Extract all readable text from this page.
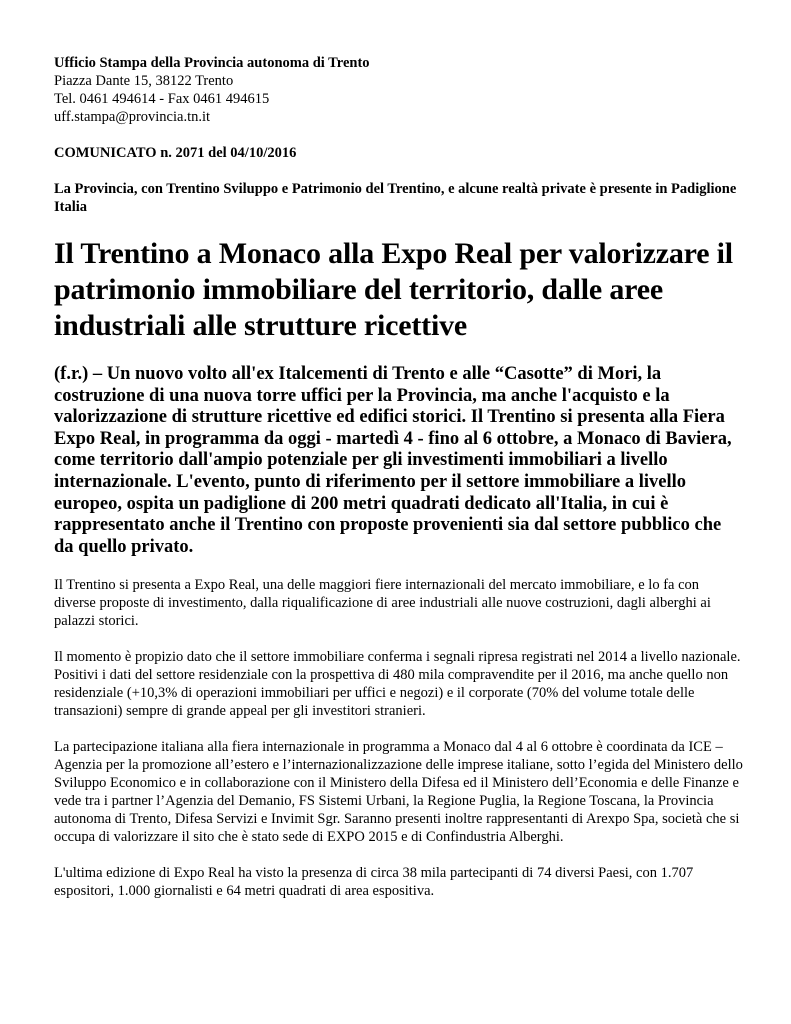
Ufficio Stampa della Provincia autonoma di Trento
Piazza Dante 15, 38122 Trento
Tel. 0461 494614 - Fax 0461 494615
uff.stampa@provincia.tn.it
COMUNICATO n. 2071 del 04/10/2016
La Provincia, con Trentino Sviluppo e Patrimonio del Trentino, e alcune realtà private è presente in Padiglione Italia
Il Trentino a Monaco alla Expo Real per valorizzare il patrimonio immobiliare del territorio, dalle aree industriali alle strutture ricettive
(f.r.) – Un nuovo volto all'ex Italcementi di Trento e alle “Casotte” di Mori, la costruzione di una nuova torre uffici per la Provincia, ma anche l'acquisto e la valorizzazione di strutture ricettive ed edifici storici. Il Trentino si presenta alla Fiera Expo Real, in programma da oggi - martedì 4 - fino al 6 ottobre, a Monaco di Baviera, come territorio dall'ampio potenziale per gli investimenti immobiliari a livello internazionale. L'evento, punto di riferimento per il settore immobiliare a livello europeo, ospita un padiglione di 200 metri quadrati dedicato all'Italia, in cui è rappresentato anche il Trentino con proposte provenienti sia dal settore pubblico che da quello privato.
Il Trentino si presenta a Expo Real, una delle maggiori fiere internazionali del mercato immobiliare, e lo fa con diverse proposte di investimento, dalla riqualificazione di aree industriali alle nuove costruzioni, dagli alberghi ai palazzi storici.
Il momento è propizio dato che il settore immobiliare conferma i segnali ripresa registrati nel 2014 a livello nazionale. Positivi i dati del settore residenziale con la prospettiva di 480 mila compravendite per il 2016, ma anche quello non residenziale (+10,3% di operazioni immobiliari per uffici e negozi) e il corporate (70% del volume totale delle transazioni) sempre di grande appeal per gli investitori stranieri.
La partecipazione italiana alla fiera internazionale in programma a Monaco dal 4 al 6 ottobre è coordinata da ICE – Agenzia per la promozione all’estero e l’internazionalizzazione delle imprese italiane, sotto l’egida del Ministero dello Sviluppo Economico e in collaborazione con il Ministero della Difesa ed il Ministero dell’Economia e delle Finanze e vede tra i partner l’Agenzia del Demanio, FS Sistemi Urbani, la Regione Puglia, la Regione Toscana, la Provincia autonoma di Trento, Difesa Servizi e Invimit Sgr. Saranno presenti inoltre rappresentanti di Arexpo Spa, società che si occupa di valorizzare il sito che è stato sede di EXPO 2015 e di Confindustria Alberghi.
L'ultima edizione di Expo Real ha visto la presenza di circa 38 mila partecipanti di 74 diversi Paesi, con 1.707 espositori, 1.000 giornalisti e 64 metri quadrati di area espositiva.
